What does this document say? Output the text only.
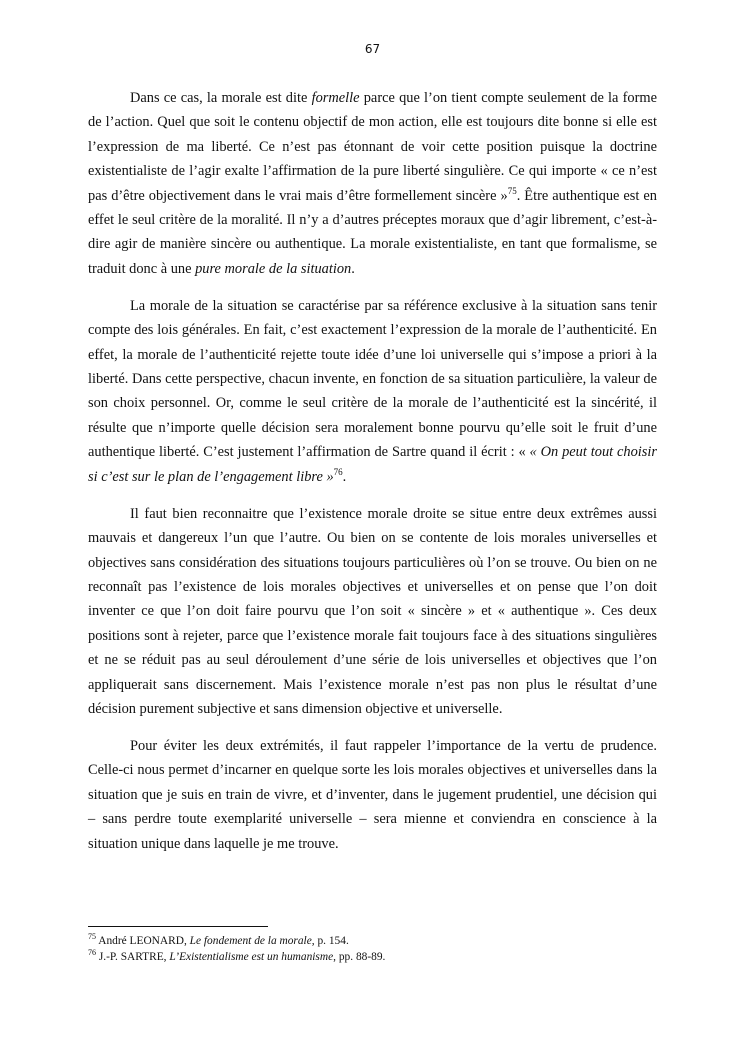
67

Dans ce cas, la morale est dite formelle parce que l’on tient compte seulement de la forme de l’action. Quel que soit le contenu objectif de mon action, elle est toujours dite bonne si elle est l’expression de ma liberté. Ce n’est pas étonnant de voir cette position puisque la doctrine existentialiste de l’agir exalte l’affirmation de la pure liberté singulière. Ce qui importe « ce n’est pas d’être objectivement dans le vrai mais d’être formellement sincère »$^{75}$. Être authentique est en effet le seul critère de la moralité. Il n’y a d’autres préceptes moraux que d’agir librement, c’est-à-dire agir de manière sincère ou authentique. La morale existentialiste, en tant que formalisme, se traduit donc à une pure morale de la situation.

La morale de la situation se caractérise par sa référence exclusive à la situation sans tenir compte des lois générales. En fait, c’est exactement l’expression de la morale de l’authenticité. En effet, la morale de l’authenticité rejette toute idée d’une loi universelle qui s’impose a priori à la liberté. Dans cette perspective, chacun invente, en fonction de sa situation particulière, la valeur de son choix personnel. Or, comme le seul critère de la morale de l’authenticité est la sincérité, il résulte que n’importe quelle décision sera moralement bonne pourvu qu’elle soit le fruit d’une authentique liberté. C’est justement l’affirmation de Sartre quand il écrit : « « On peut tout choisir si c’est sur le plan de l’engagement libre »$^{76}$.

Il faut bien reconnaitre que l’existence morale droite se situe entre deux extrêmes aussi mauvais et dangereux l’un que l’autre. Ou bien on se contente de lois morales universelles et objectives sans considération des situations toujours particulières où l’on se trouve. Ou bien on ne reconnaît pas l’existence de lois morales objectives et universelles et on pense que l’on doit inventer ce que l’on doit faire pourvu que l’on soit « sincère » et « authentique ». Ces deux positions sont à rejeter, parce que l’existence morale fait toujours face à des situations singulières et ne se réduit pas au seul déroulement d’une série de lois universelles et objectives que l’on appliquerait sans discernement. Mais l’existence morale n’est pas non plus le résultat d’une décision purement subjective et sans dimension objective et universelle.

Pour éviter les deux extrémités, il faut rappeler l’importance de la vertu de prudence. Celle-ci nous permet d’incarner en quelque sorte les lois morales objectives et universelles dans la situation que je suis en train de vivre, et d’inventer, dans le jugement prudentiel, une décision qui – sans perdre toute exemplarité universelle – sera mienne et conviendra en conscience à la situation unique dans laquelle je me trouve.

$^{75}$ André LEONARD, Le fondement de la morale, p. 154.
$^{76}$ J.-P. SARTRE, L’Existentialisme est un humanisme, pp. 88-89.
